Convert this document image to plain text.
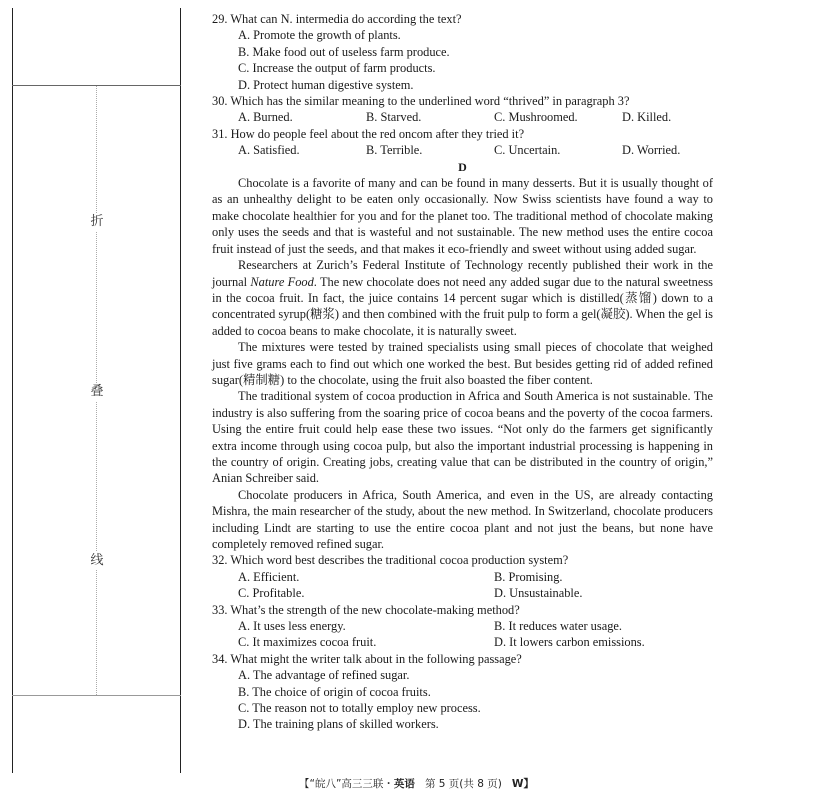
折
叠
线

29. What can N. intermedia do according the text?

A. Promote the growth of plants.

B. Make food out of useless farm produce.

C. Increase the output of farm products.

D. Protect human digestive system.

30. Which has the similar meaning to the underlined word “thrived” in paragraph 3?

A. Burned.	B. Starved.	C. Mushroomed.	D. Killed.

31. How do people feel about the red oncom after they tried it?

A. Satisfied.	B. Terrible.	C. Uncertain.	D. Worried.

D

Chocolate is a favorite of many and can be found in many desserts. But it is usually thought of as an unhealthy delight to be eaten only occasionally. Now Swiss scientists have found a way to make chocolate healthier for you and for the planet too. The traditional method of chocolate making only uses the seeds and that is wasteful and not sustainable. The new method uses the entire cocoa fruit instead of just the seeds, and that makes it eco-friendly and sweet without using added sugar.

Researchers at Zurich’s Federal Institute of Technology recently published their work in the journal Nature Food. The new chocolate does not need any added sugar due to the natural sweetness in the cocoa fruit. In fact, the juice contains 14 percent sugar which is distilled(蒸馏) down to a concentrated syrup(糖浆) and then combined with the fruit pulp to form a gel(凝胶). When the gel is added to cocoa beans to make chocolate, it is naturally sweet.

The mixtures were tested by trained specialists using small pieces of chocolate that weighed just five grams each to find out which one worked the best. But besides getting rid of added refined sugar(精制糖) to the chocolate, using the fruit also boasted the fiber content.

The traditional system of cocoa production in Africa and South America is not sustainable. The industry is also suffering from the soaring price of cocoa beans and the poverty of the cocoa farmers. Using the entire fruit could help ease these two issues. “Not only do the farmers get significantly extra income through using cocoa pulp, but also the important industrial processing is happening in the country of origin. Creating jobs, creating value that can be distributed in the country of origin,” Anian Schreiber said.

Chocolate producers in Africa, South America, and even in the US, are already contacting Mishra, the main researcher of the study, about the new method. In Switzerland, chocolate producers including Lindt are starting to use the entire cocoa plant and not just the beans, but none have completely removed refined sugar.

32. Which word best describes the traditional cocoa production system?

A. Efficient.	B. Promising.
C. Profitable.	D. Unsustainable.

33. What’s the strength of the new chocolate-making method?

A. It uses less energy.	B. It reduces water usage.
C. It maximizes cocoa fruit.	D. It lowers carbon emissions.

34. What might the writer talk about in the following passage?

A. The advantage of refined sugar.

B. The choice of origin of cocoa fruits.

C. The reason not to totally employ new process.

D. The training plans of skilled workers.

【“皖八”高三三联・英语 第 5 页(共 8 页) W】
